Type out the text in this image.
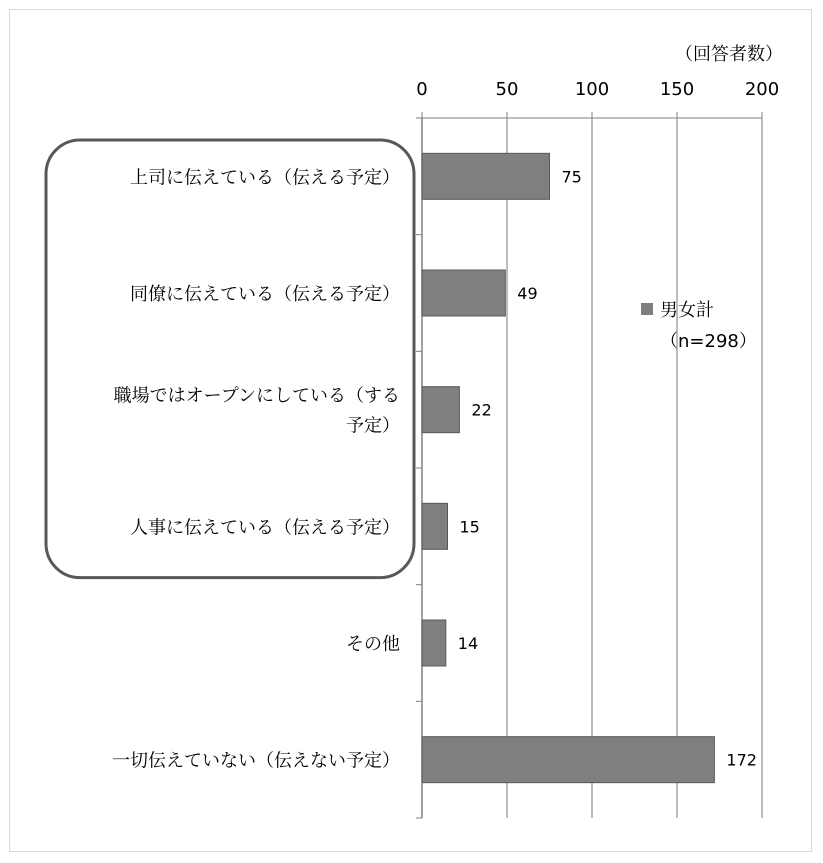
0	50	100	150	200
上司に伝えている（伝える予定）
同僚に伝えている（伝える予定）
職場ではオープンにしている（する
予定）
人事に伝えている（伝える予定）
その他
一切伝えていない（伝えない予定）
75
49
22
15
14
172
（回答者数）
男女計
（n=298）
